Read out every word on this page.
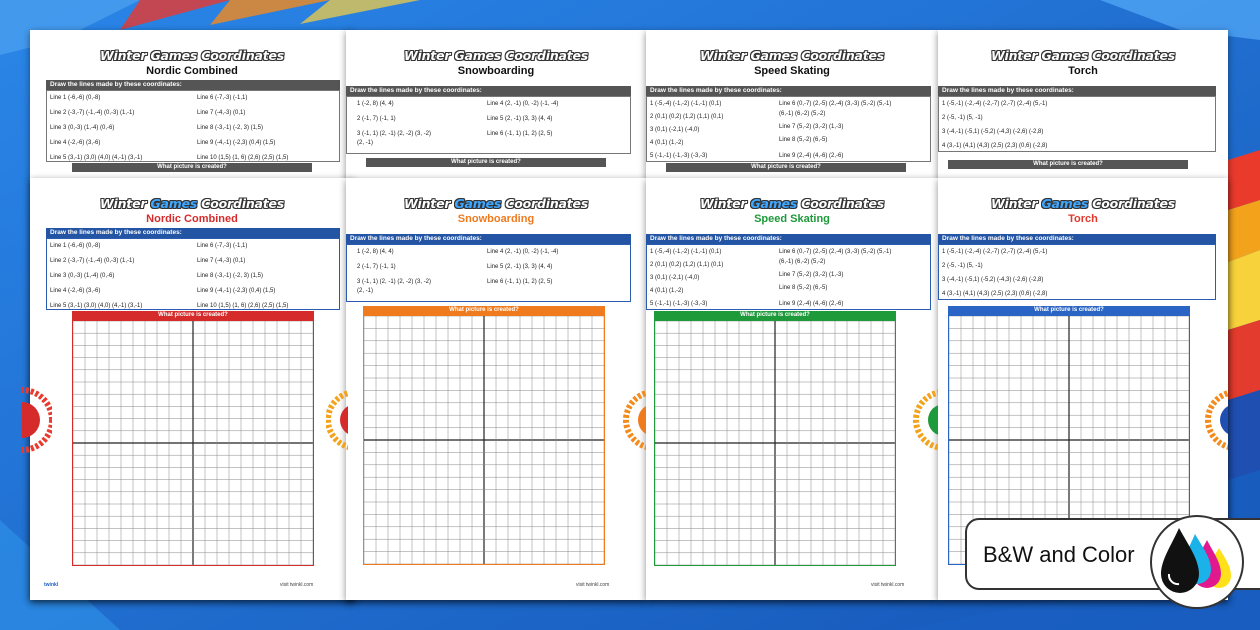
Winter Games Coordinates
Nordic Combined
Draw the lines made by these coordinates:
Line 1 (-6,-6) (0,-8)
Line 2 (-3,-7) (-1,-4) (0,-3) (1,-1)
Line 3 (0,-3) (1,-4) (0,-6)
Line 4 (-2,-6) (3,-6)
Line 5 (3,-1) (3,0) (4,0) (4,-1) (3,-1)
Line 6 (-7,-3) (-1,1)
Line 7 (-4,-3) (0,1)
Line 8 (-3,-1) (-2, 3) (1,5)
Line 9 (-4,-1) (-2,3) (0,4) (1,5)
Line 10 (1,5) (1, 6) (2,6) (2,5) (1,5)
What picture is created?
Winter Games Coordinates
Snowboarding
Draw the lines made by these coordinates:
1 (-2, 8) (4, 4)
2 (-1, 7) (-1, 1)
3 (-1, 1) (2, -1) (2, -2) (3, -2)
(2, -1)
Line 4 (2, -1) (0, -2) (-1, -4)
Line 5 (2, -1) (3, 3) (4, 4)
Line 6 (-1, 1) (1, 2) (2, 5)
What picture is created?
Winter Games Coordinates
Speed Skating
Draw the lines made by these coordinates:
1 (-5,-4) (-1,-2) (-1,-1) (0,1)
2 (0,1) (0,2) (1,2) (1,1) (0,1)
3 (0,1) (-2,1) (-4,0)
4 (0,1) (1,-2)
5 (-1,-1) (-1,-3) (-3,-3)
Line 6 (0,-7) (2,-5) (2,-4) (3,-3) (5,-2) (5,-1)
(6,-1) (6,-2) (5,-2)
Line 7 (5,-2) (3,-2) (1,-3)
Line 8 (5,-2) (6,-5)
Line 9 (2,-4) (4,-6) (2,-6)
What picture is created?
Winter Games Coordinates
Torch
Draw the lines made by these coordinates:
1 (-5,-1) (-2,-4) (-2,-7) (2,-7) (2,-4) (5,-1)
2 (-5, -1) (5, -1)
3 (-4,-1) (-5,1) (-5,2) (-4,3) (-2,6) (-2,8)
4 (3,-1) (4,1) (4,3) (2,5) (2,3) (0,6) (-2,8)
What picture is created?
Winter Games Coordinates
Nordic Combined
Draw the lines made by these coordinates:
Line 1 (-6,-6) (0,-8)
Line 2 (-3,-7) (-1,-4) (0,-3) (1,-1)
Line 3 (0,-3) (1,-4) (0,-6)
Line 4 (-2,-6) (3,-6)
Line 5 (3,-1) (3,0) (4,0) (4,-1) (3,-1)
Line 6 (-7,-3) (-1,1)
Line 7 (-4,-3) (0,1)
Line 8 (-3,-1) (-2, 3) (1,5)
Line 9 (-4,-1) (-2,3) (0,4) (1,5)
Line 10 (1,5) (1, 6) (2,6) (2,5) (1,5)
What picture is created?
twinkl	visit twinkl.com
Winter Games Coordinates
Snowboarding
Draw the lines made by these coordinates:
1 (-2, 8) (4, 4)
2 (-1, 7) (-1, 1)
3 (-1, 1) (2, -1) (2, -2) (3, -2)
(2, -1)
Line 4 (2, -1) (0, -2) (-1, -4)
Line 5 (2, -1) (3, 3) (4, 4)
Line 6 (-1, 1) (1, 2) (2, 5)
What picture is created?
visit twinkl.com
Winter Games Coordinates
Speed Skating
Draw the lines made by these coordinates:
1 (-5,-4) (-1,-2) (-1,-1) (0,1)
2 (0,1) (0,2) (1,2) (1,1) (0,1)
3 (0,1) (-2,1) (-4,0)
4 (0,1) (1,-2)
5 (-1,-1) (-1,-3) (-3,-3)
Line 6 (0,-7) (2,-5) (2,-4) (3,-3) (5,-2) (5,-1)
(6,-1) (6,-2) (5,-2)
Line 7 (5,-2) (3,-2) (1,-3)
Line 8 (5,-2) (6,-5)
Line 9 (2,-4) (4,-6) (2,-6)
What picture is created?
visit twinkl.com
Winter Games Coordinates
Torch
Draw the lines made by these coordinates:
1 (-5,-1) (-2,-4) (-2,-7) (2,-7) (2,-4) (5,-1)
2 (-5, -1) (5, -1)
3 (-4,-1) (-5,1) (-5,2) (-4,3) (-2,6) (-2,8)
4 (3,-1) (4,1) (4,3) (2,5) (2,3) (0,6) (-2,8)
What picture is created?
B&W and Color
